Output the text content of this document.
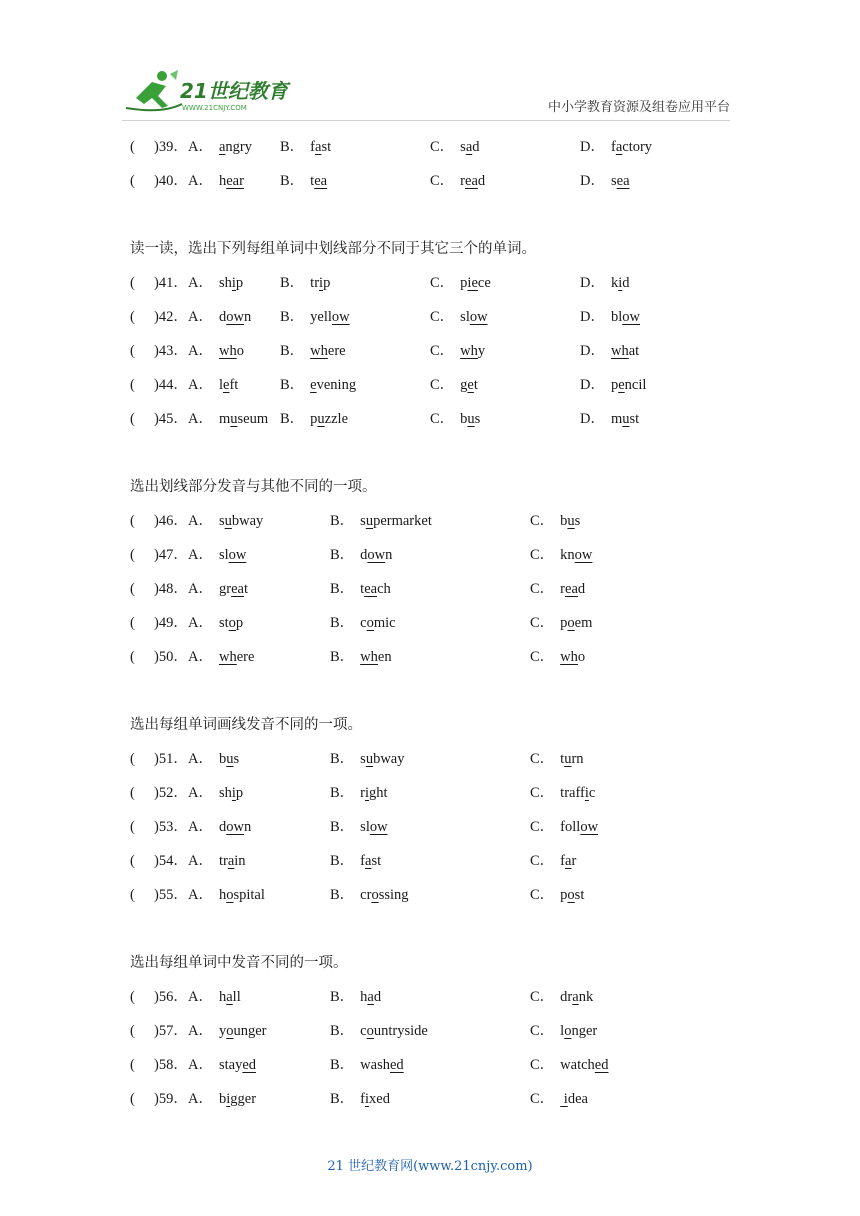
21世纪教育
WWW.21CNJY.COM	中小学教育资源及组卷应用平台
( )39． A． angry B． fast	C． sad	D． factory
( )40． A． hear B． tea	C． read	D． sea
读一读，选出下列每组单词中划线部分不同于其它三个的单词。
( )41． A． ship	B． trip	C． piece	D． kid
( )42． A． down B． yellow	C． slow	D． blow
( )43． A． who B． where	C． why	D． what
( )44． A． left	B． evening	C． get	D． pencil
( )45． A． museum B． puzzle	C． bus	D． must
选出划线部分发音与其他不同的一项。
( )46． A． subway	B． supermarket	C． bus
( )47． A． slow	B． down	C． know
( )48． A． great	B． teach	C． read
( )49． A． stop	B． comic	C． poem
( )50． A． where	B． when	C． who
选出每组单词画线发音不同的一项。
( )51． A． bus	B． subway	C． turn
( )52． A． ship	B． right	C． traffic
( )53． A． down	B． slow	C． follow
( )54． A． train	B． fast	C． far
( )55． A． hospital	B． crossing	C． post
选出每组单词中发音不同的一项。
( )56． A． hall	B． had	C． drank
( )57． A． younger	B． countryside	C． longer
( )58． A． stayed	B． washed	C． watched
( )59． A． bigger	B． fixed	C． idea
21 世纪教育网(www.21cnjy.com)
